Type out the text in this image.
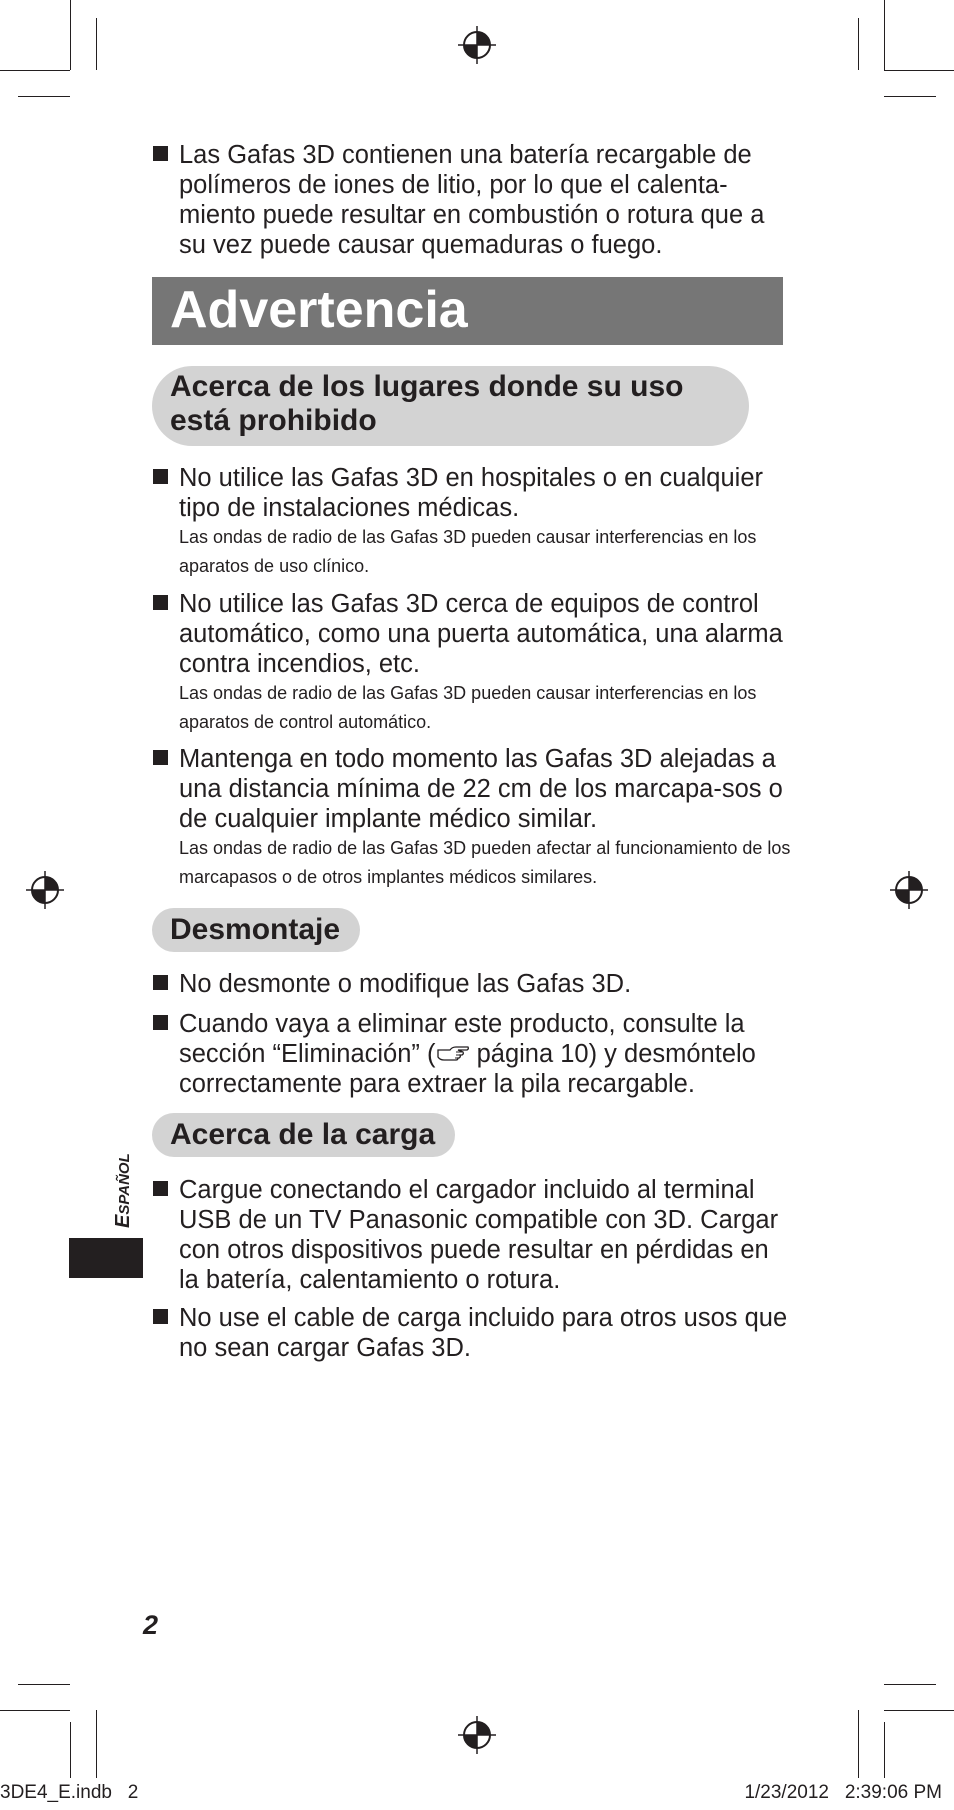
Las Gafas 3D contienen una batería recargable de polímeros de iones de litio, por lo que el calenta-miento puede resultar en combustión o rotura que a su vez puede causar quemaduras o fuego.
Advertencia
Acerca de los lugares donde su uso
está prohibido
No utilice las Gafas 3D en hospitales o en cualquier tipo de instalaciones médicas.
Las ondas de radio de las Gafas 3D pueden causar interferencias en los aparatos de uso clínico.
No utilice las Gafas 3D cerca de equipos de control automático, como una puerta automática, una alarma contra incendios, etc.
Las ondas de radio de las Gafas 3D pueden causar interferencias en los aparatos de control automático.
Mantenga en todo momento las Gafas 3D alejadas a una distancia mínima de 22 cm de los marcapa-sos o de cualquier implante médico similar.
Las ondas de radio de las Gafas 3D pueden afectar al funcionamiento de los marcapasos o de otros implantes médicos similares.
Desmontaje
No desmonte o modifique las Gafas 3D.
Cuando vaya a eliminar este producto, consulte la sección “Eliminación” ( página 10) y desmóntelo correctamente para extraer la pila recargable.
Acerca de la carga
Cargue conectando el cargador incluido al terminal USB de un TV Panasonic compatible con 3D. Cargar con otros dispositivos puede resultar en pérdidas en la batería, calentamiento o rotura.
No use el cable de carga incluido para otros usos que no sean cargar Gafas 3D.
ESPAÑOL
2
3DE4_E.indb   2	1/23/2012   2:39:06 PM
